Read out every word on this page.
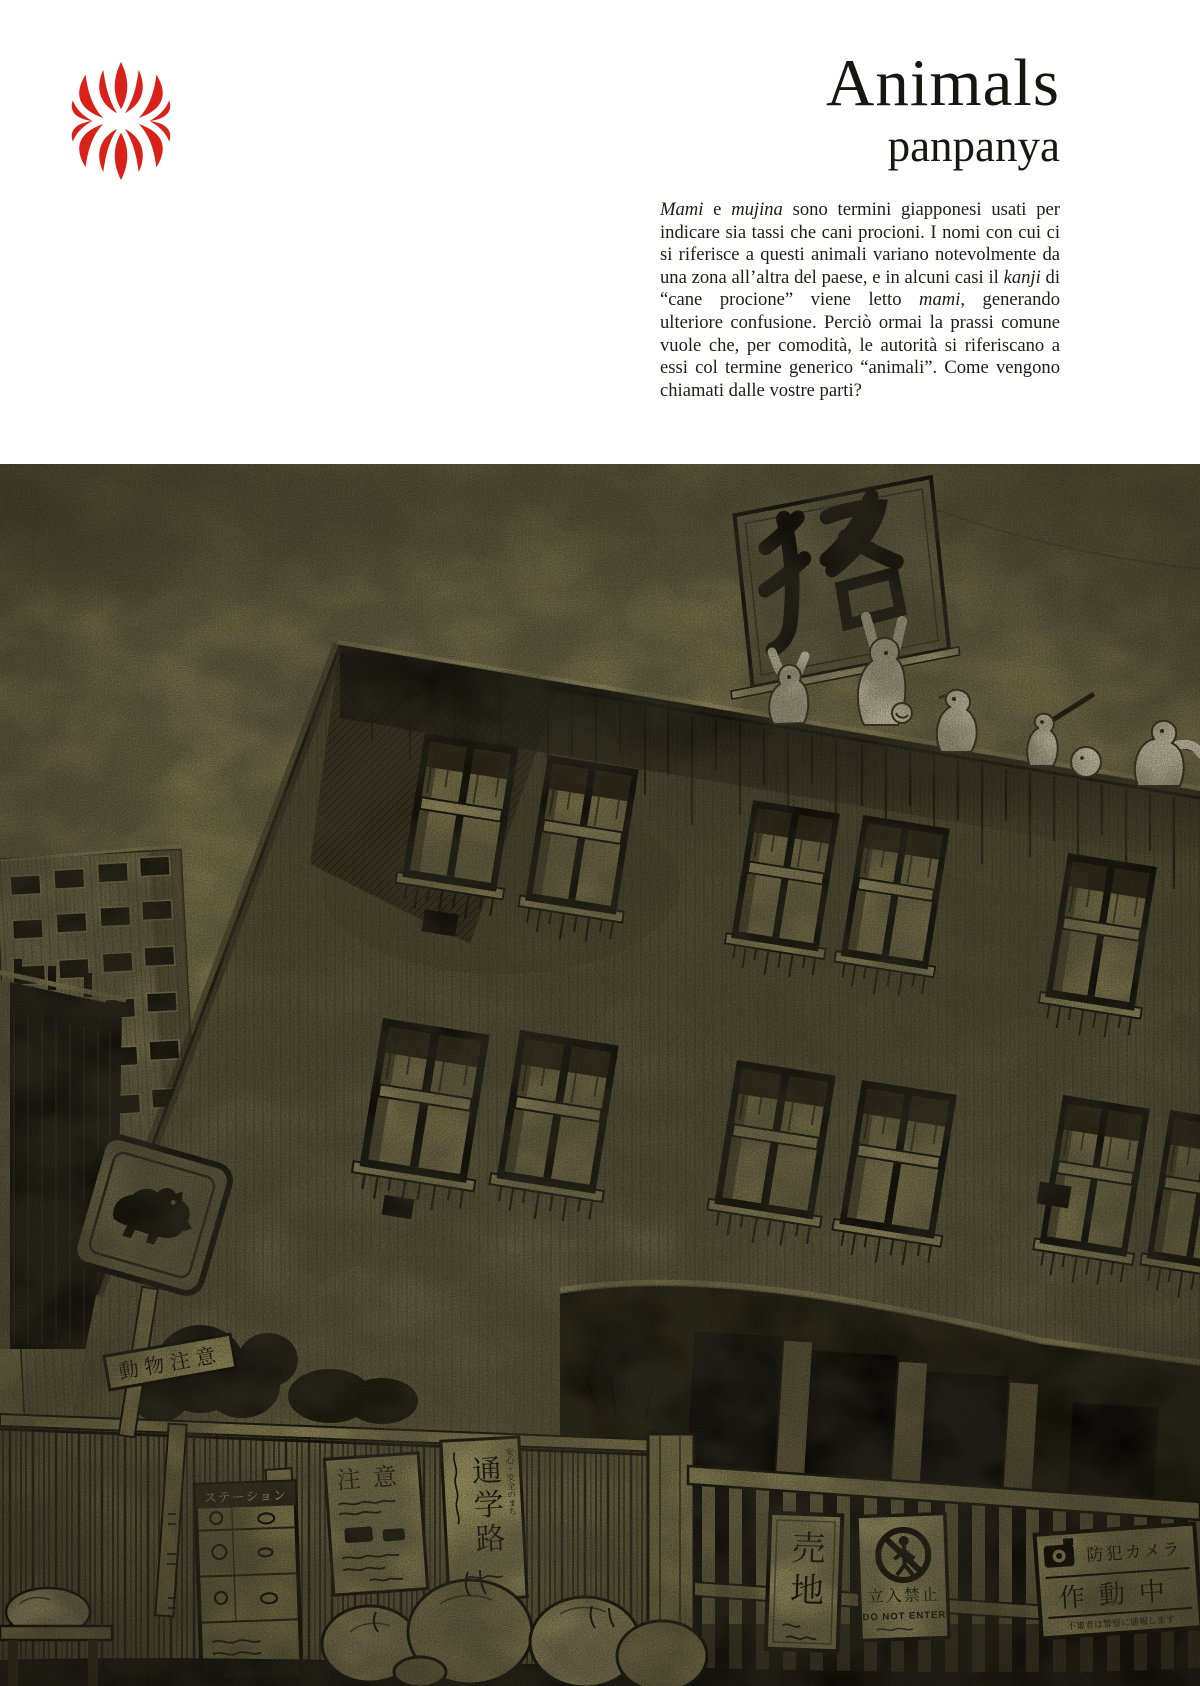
Animals
panpanya

Mami e mujina sono termini giapponesi usati per indicare sia tassi che cani procioni. I nomi con cui ci si riferisce a questi animali variano notevolmente da una zona all’altra del paese, e in alcuni casi il kanji di “cane procione” viene letto mami, generando ulteriore confusione. Perciò ormai la prassi comune vuole che, per comodità, le autorità si riferiscano a essi col termine generico “animali”. Come vengono chiamati dalle vostre parti?
